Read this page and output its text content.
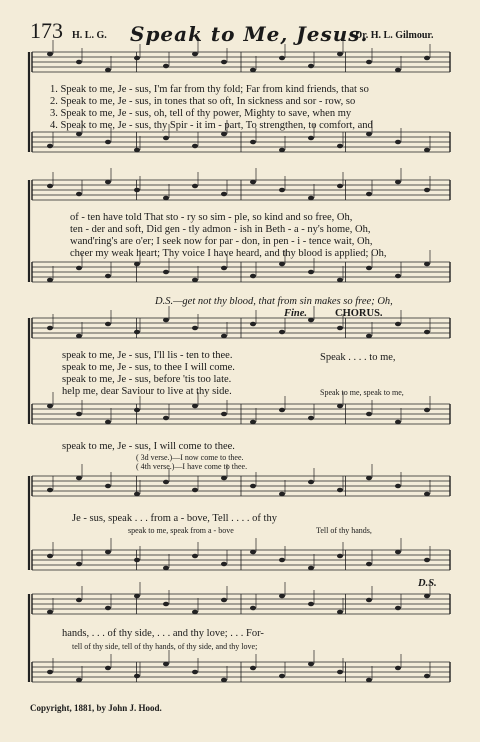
173 H. L. G. Speak to Me, Jesus.
Dr. H. L. Gilmour.
1. Speak to me, Je - sus, I'm far from thy fold; Far from kind friends, that so
2. Speak to me, Je - sus, in tones that so oft, In sickness and sor - row, so
3. Speak to me, Je - sus, oh, tell of thy power, Mighty to save, when my
4. Speak to me, Je - sus, thy Spir - it im - part, To strengthen, to comfort, and
of - ten have told That sto - ry so sim - ple, so kind and so free, Oh,
ten - der and soft, Did gen - tly admon - ish in Beth - a - ny's home, Oh,
wand'ring's are o'er; I seek now for par - don, in pen - i - tence wait, Oh,
cheer my weak heart; Thy voice I have heard, and thy blood is applied; Oh,
D.S.—get not thy blood, that from sin makes so free; Oh,
Fine.	CHORUS.
speak to me, Je - sus, I'll lis - ten to thee.
speak to me, Je - sus, to thee I will come.
speak to me, Je - sus, before 'tis too late.
help me, dear Saviour to live at thy side.
Speak . . . . to me,
Speak to me, speak to me,
speak to me, Je - sus, I will come to thee.
( 3d verse.)—I now come to thee.
( 4th verse.)—I have come to thee.
Je - sus, speak . . . from a - bove, Tell . . . . of thy
speak to me, speak from a - bove	Tell of thy hands,
D.S.
hands, . . . of thy side, . . . and thy love; . . . For-
tell of thy side, tell of thy hands, of thy side, and thy love;
Copyright, 1881, by John J. Hood.
